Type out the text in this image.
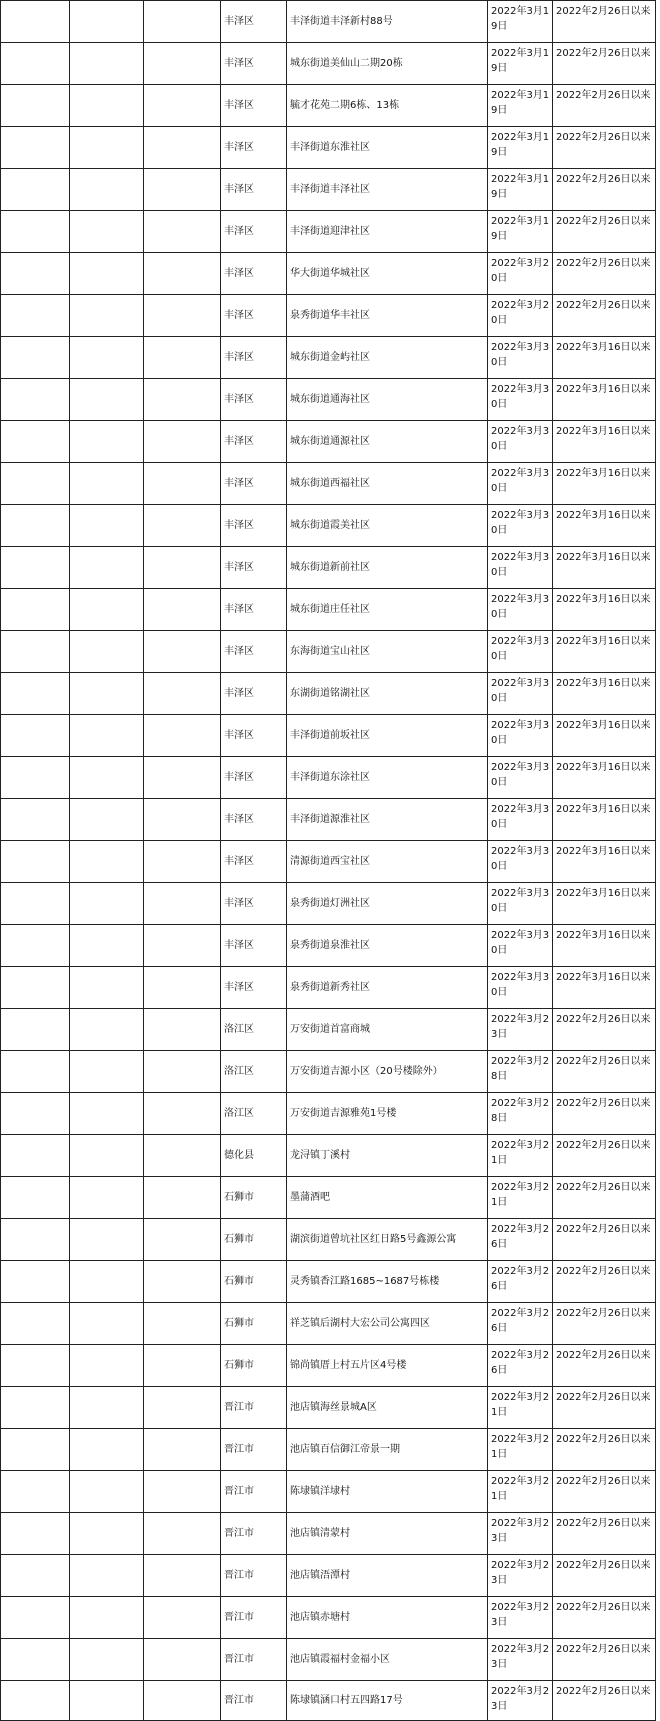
			丰泽区	丰泽街道丰泽新村88号	2022年3月19日	2022年2月26日以来
			丰泽区	城东街道美仙山二期20栋	2022年3月19日	2022年2月26日以来
			丰泽区	毓才花苑二期6栋、13栋	2022年3月19日	2022年2月26日以来
			丰泽区	丰泽街道东淮社区	2022年3月19日	2022年2月26日以来
			丰泽区	丰泽街道丰泽社区	2022年3月19日	2022年2月26日以来
			丰泽区	丰泽街道迎津社区	2022年3月19日	2022年2月26日以来
			丰泽区	华大街道华城社区	2022年3月20日	2022年2月26日以来
			丰泽区	泉秀街道华丰社区	2022年3月20日	2022年2月26日以来
			丰泽区	城东街道金屿社区	2022年3月30日	2022年3月16日以来
			丰泽区	城东街道通海社区	2022年3月30日	2022年3月16日以来
			丰泽区	城东街道通源社区	2022年3月30日	2022年3月16日以来
			丰泽区	城东街道西福社区	2022年3月30日	2022年3月16日以来
			丰泽区	城东街道霞美社区	2022年3月30日	2022年3月16日以来
			丰泽区	城东街道新前社区	2022年3月30日	2022年3月16日以来
			丰泽区	城东街道庄任社区	2022年3月30日	2022年3月16日以来
			丰泽区	东海街道宝山社区	2022年3月30日	2022年3月16日以来
			丰泽区	东湖街道铭湖社区	2022年3月30日	2022年3月16日以来
			丰泽区	丰泽街道前坂社区	2022年3月30日	2022年3月16日以来
			丰泽区	丰泽街道东涂社区	2022年3月30日	2022年3月16日以来
			丰泽区	丰泽街道源淮社区	2022年3月30日	2022年3月16日以来
			丰泽区	清源街道西宝社区	2022年3月30日	2022年3月16日以来
			丰泽区	泉秀街道灯洲社区	2022年3月30日	2022年3月16日以来
			丰泽区	泉秀街道泉淮社区	2022年3月30日	2022年3月16日以来
			丰泽区	泉秀街道新秀社区	2022年3月30日	2022年3月16日以来
			洛江区	万安街道首富商城	2022年3月23日	2022年2月26日以来
			洛江区	万安街道吉源小区（20号楼除外）	2022年3月28日	2022年2月26日以来
			洛江区	万安街道吉源雅苑1号楼	2022年3月28日	2022年2月26日以来
			德化县	龙浔镇丁溪村	2022年3月21日	2022年2月26日以来
			石狮市	墨蒲酒吧	2022年3月21日	2022年2月26日以来
			石狮市	湖滨街道曾坑社区红日路5号鑫源公寓	2022年3月26日	2022年2月26日以来
			石狮市	灵秀镇香江路1685~1687号栋楼	2022年3月26日	2022年2月26日以来
			石狮市	祥芝镇后湖村大宏公司公寓四区	2022年3月26日	2022年2月26日以来
			石狮市	锦尚镇厝上村五片区4号楼	2022年3月26日	2022年2月26日以来
			晋江市	池店镇海丝景城A区	2022年3月21日	2022年2月26日以来
			晋江市	池店镇百信御江帝景一期	2022年3月21日	2022年2月26日以来
			晋江市	陈埭镇洋埭村	2022年3月21日	2022年2月26日以来
			晋江市	池店镇清蒙村	2022年3月23日	2022年2月26日以来
			晋江市	池店镇浯潭村	2022年3月23日	2022年2月26日以来
			晋江市	池店镇赤塘村	2022年3月23日	2022年2月26日以来
			晋江市	池店镇霞福村金福小区	2022年3月23日	2022年2月26日以来
			晋江市	陈埭镇涵口村五四路17号	2022年3月23日	2022年2月26日以来
